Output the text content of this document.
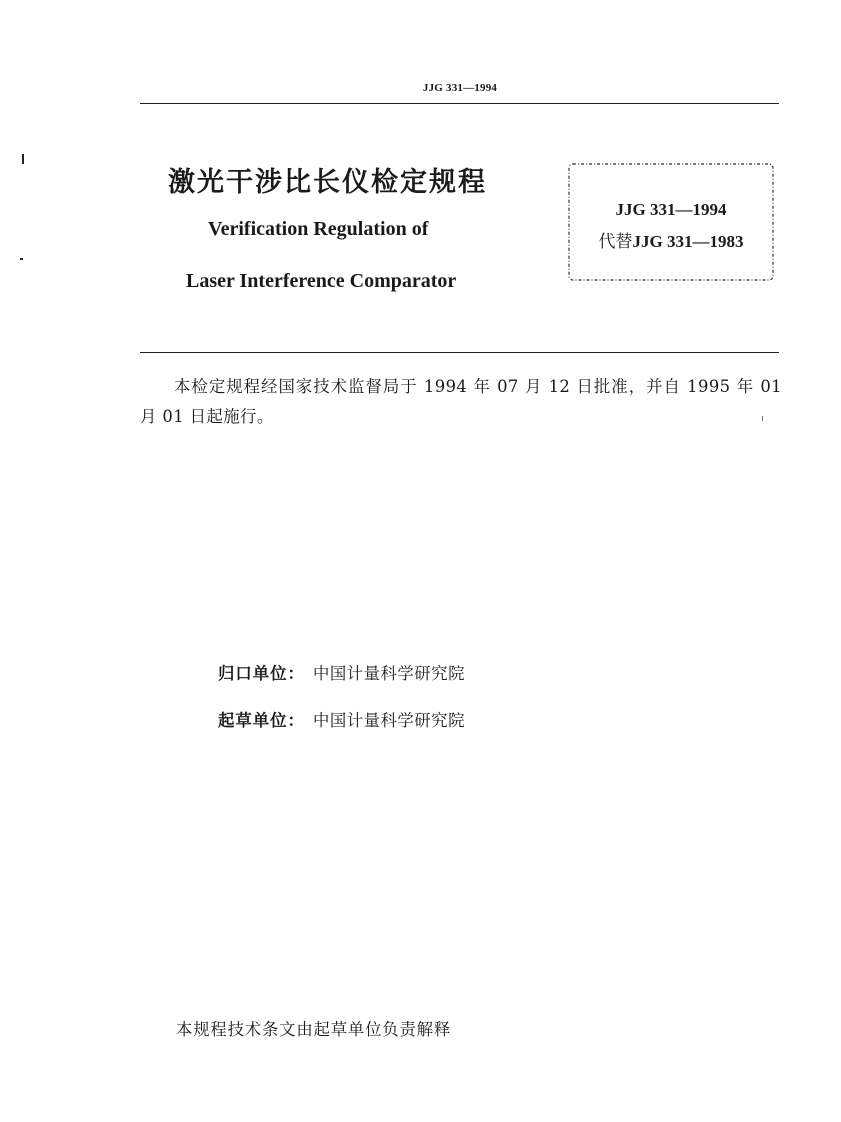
JJG 331—1994
激光干涉比长仪检定规程
Verification Regulation of
Laser Interference Comparator
JJG 331—1994
代替JJG 331—1983
本检定规程经国家技术监督局于 1994 年 07 月 12 日批准，并自 1995 年 01 月 01 日起施行。
归口单位： 中国计量科学研究院
起草单位： 中国计量科学研究院
本规程技术条文由起草单位负责解释
